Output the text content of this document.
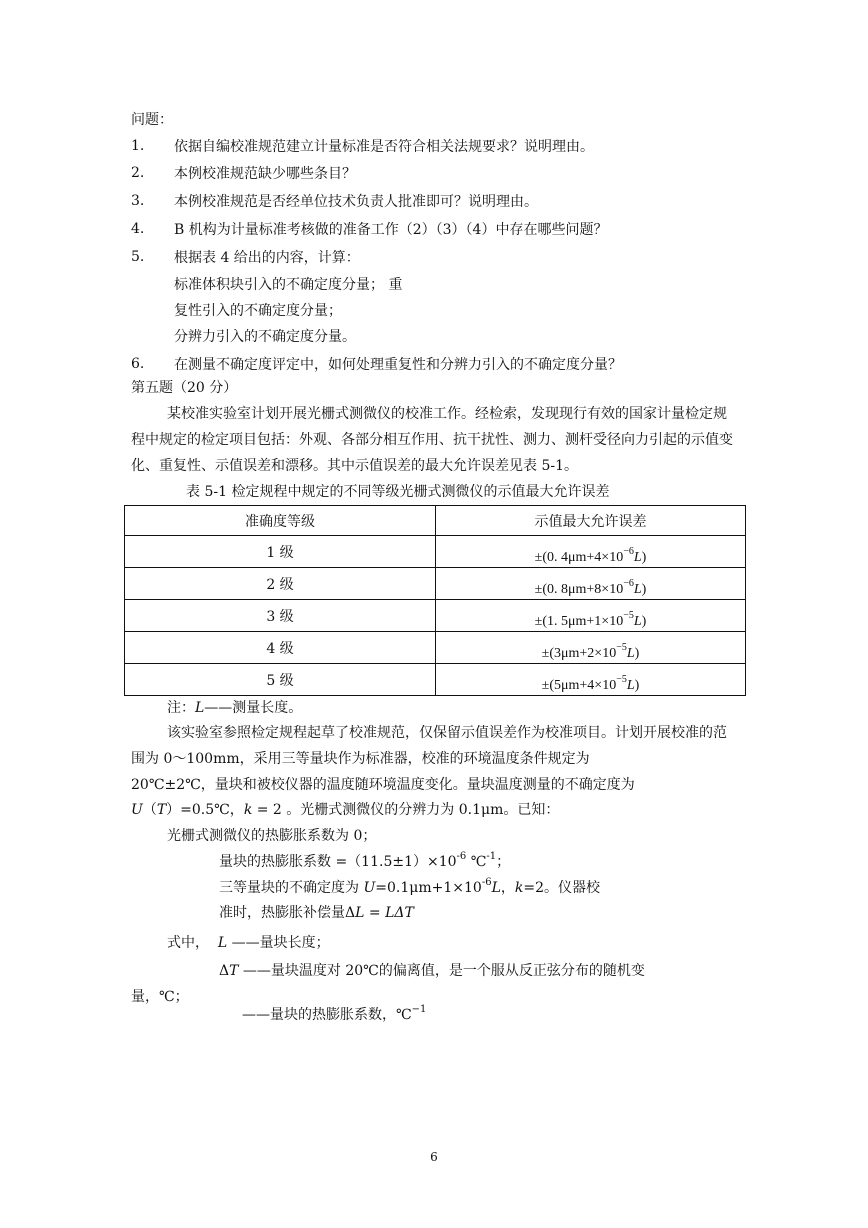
问题：
1. 依据自编校准规范建立计量标准是否符合相关法规要求？说明理由。
2. 本例校准规范缺少哪些条目？
3. 本例校准规范是否经单位技术负责人批准即可？说明理由。
4. B 机构为计量标准考核做的准备工作（2）（3）（4）中存在哪些问题？
5. 根据表 4 给出的内容，计算：
标准体积块引入的不确定度分量； 重
复性引入的不确定度分量；
分辨力引入的不确定度分量。
6. 在测量不确定度评定中，如何处理重复性和分辨力引入的不确定度分量？
第五题（20 分）
某校准实验室计划开展光栅式测微仪的校准工作。经检索，发现现行有效的国家计量检定规
程中规定的检定项目包括：外观、各部分相互作用、抗干扰性、测力、测杆受径向力引起的示值变
化、重复性、示值误差和漂移。其中示值误差的最大允许误差见表 5-1。
表 5-1 检定规程中规定的不同等级光栅式测微仪的示值最大允许误差
准确度等级	示值最大允许误差
1 级	±(0. $4\mu m+4\times 10^{-6}L$)
2 级	±(0. $8\mu m+8\times 10^{-6}L$)
3 级	±(1. $5\mu m+1\times 10^{-5}L$)
4 级	$\pm(3\mu m+2\times 10^{-5}L)$
5 级	$\pm(5\mu m+4\times 10^{-5}L)$
注：L——测量长度。
该实验室参照检定规程起草了校准规范，仅保留示值误差作为校准项目。计划开展校准的范
围为 0～100mm，采用三等量块作为标准器，校准的环境温度条件规定为
20℃±2℃，量块和被校仪器的温度随环境温度变化。量块温度测量的不确定度为
U（T）=0.5℃，k = 2 。光栅式测微仪的分辨力为 0.1μm。已知：
光栅式测微仪的热膨胀系数为 0；
量块的热膨胀系数 $=(11.5\pm 1)\times 10^{-6}$ ℃$^{-1}$；
三等量块的不确定度为 $U=0.1\mu m+1\times 10^{-6}L$，k=2。仪器校
准时，热膨胀补偿量ΔL = LΔT
式中， L ——量块长度；
ΔT ——量块温度对 20℃的偏离值，是一个服从反正弦分布的随机变
量，℃；
——量块的热膨胀系数，℃$^{-1}$
6
